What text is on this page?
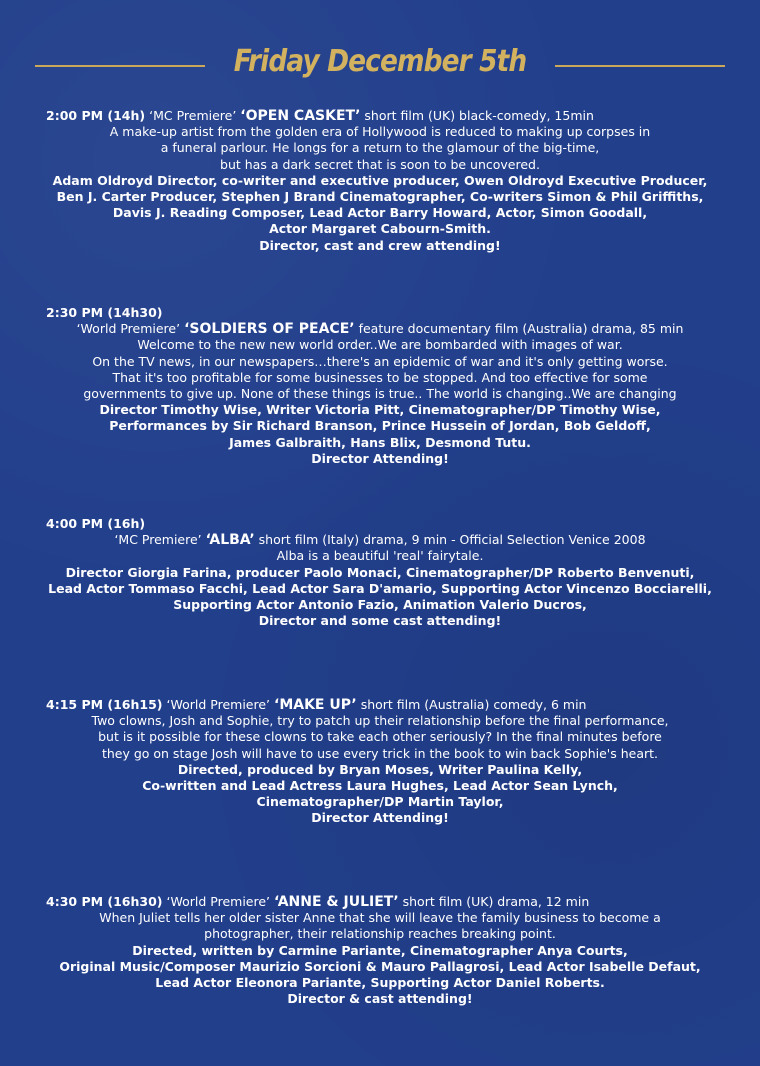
Friday December 5th
2:00 PM (14h) ‘MC Premiere’ ‘OPEN CASKET’ short film (UK) black-comedy, 15min
A make-up artist from the golden era of Hollywood is reduced to making up corpses in
a funeral parlour. He longs for a return to the glamour of the big-time,
but has a dark secret that is soon to be uncovered.
Adam Oldroyd Director, co-writer and executive producer, Owen Oldroyd Executive Producer,
Ben J. Carter Producer, Stephen J Brand Cinematographer, Co-writers Simon & Phil Griffiths,
Davis J. Reading Composer, Lead Actor Barry Howard, Actor, Simon Goodall,
Actor Margaret Cabourn-Smith.
Director, cast and crew attending!
2:30 PM (14h30)
‘World Premiere’ ‘SOLDIERS OF PEACE’ feature documentary film (Australia) drama, 85 min
Welcome to the new new world order..We are bombarded with images of war.
On the TV news, in our newspapers…there's an epidemic of war and it's only getting worse.
That it's too profitable for some businesses to be stopped. And too effective for some
governments to give up. None of these things is true.. The world is changing..We are changing
Director Timothy Wise, Writer Victoria Pitt, Cinematographer/DP Timothy Wise,
Performances by Sir Richard Branson, Prince Hussein of Jordan, Bob Geldoff,
James Galbraith, Hans Blix, Desmond Tutu.
Director Attending!
4:00 PM (16h)
‘MC Premiere’ ‘ALBA’ short film (Italy) drama, 9 min - Official Selection Venice 2008
Alba is a beautiful 'real' fairytale.
Director Giorgia Farina, producer Paolo Monaci, Cinematographer/DP Roberto Benvenuti,
Lead Actor Tommaso Facchi, Lead Actor Sara D'amario, Supporting Actor Vincenzo Bocciarelli,
Supporting Actor Antonio Fazio, Animation Valerio Ducros,
Director and some cast attending!
4:15 PM (16h15) ‘World Premiere’ ‘MAKE UP’ short film (Australia) comedy, 6 min
Two clowns, Josh and Sophie, try to patch up their relationship before the final performance,
but is it possible for these clowns to take each other seriously? In the final minutes before
they go on stage Josh will have to use every trick in the book to win back Sophie's heart.
Directed, produced by Bryan Moses, Writer Paulina Kelly,
Co-written and Lead Actress Laura Hughes, Lead Actor Sean Lynch,
Cinematographer/DP Martin Taylor,
Director Attending!
4:30 PM (16h30) ‘World Premiere’ ‘ANNE & JULIET’ short film (UK) drama, 12 min
When Juliet tells her older sister Anne that she will leave the family business to become a
photographer, their relationship reaches breaking point.
Directed, written by Carmine Pariante, Cinematographer Anya Courts,
Original Music/Composer Maurizio Sorcioni & Mauro Pallagrosi, Lead Actor Isabelle Defaut,
Lead Actor Eleonora Pariante, Supporting Actor Daniel Roberts.
Director & cast attending!
